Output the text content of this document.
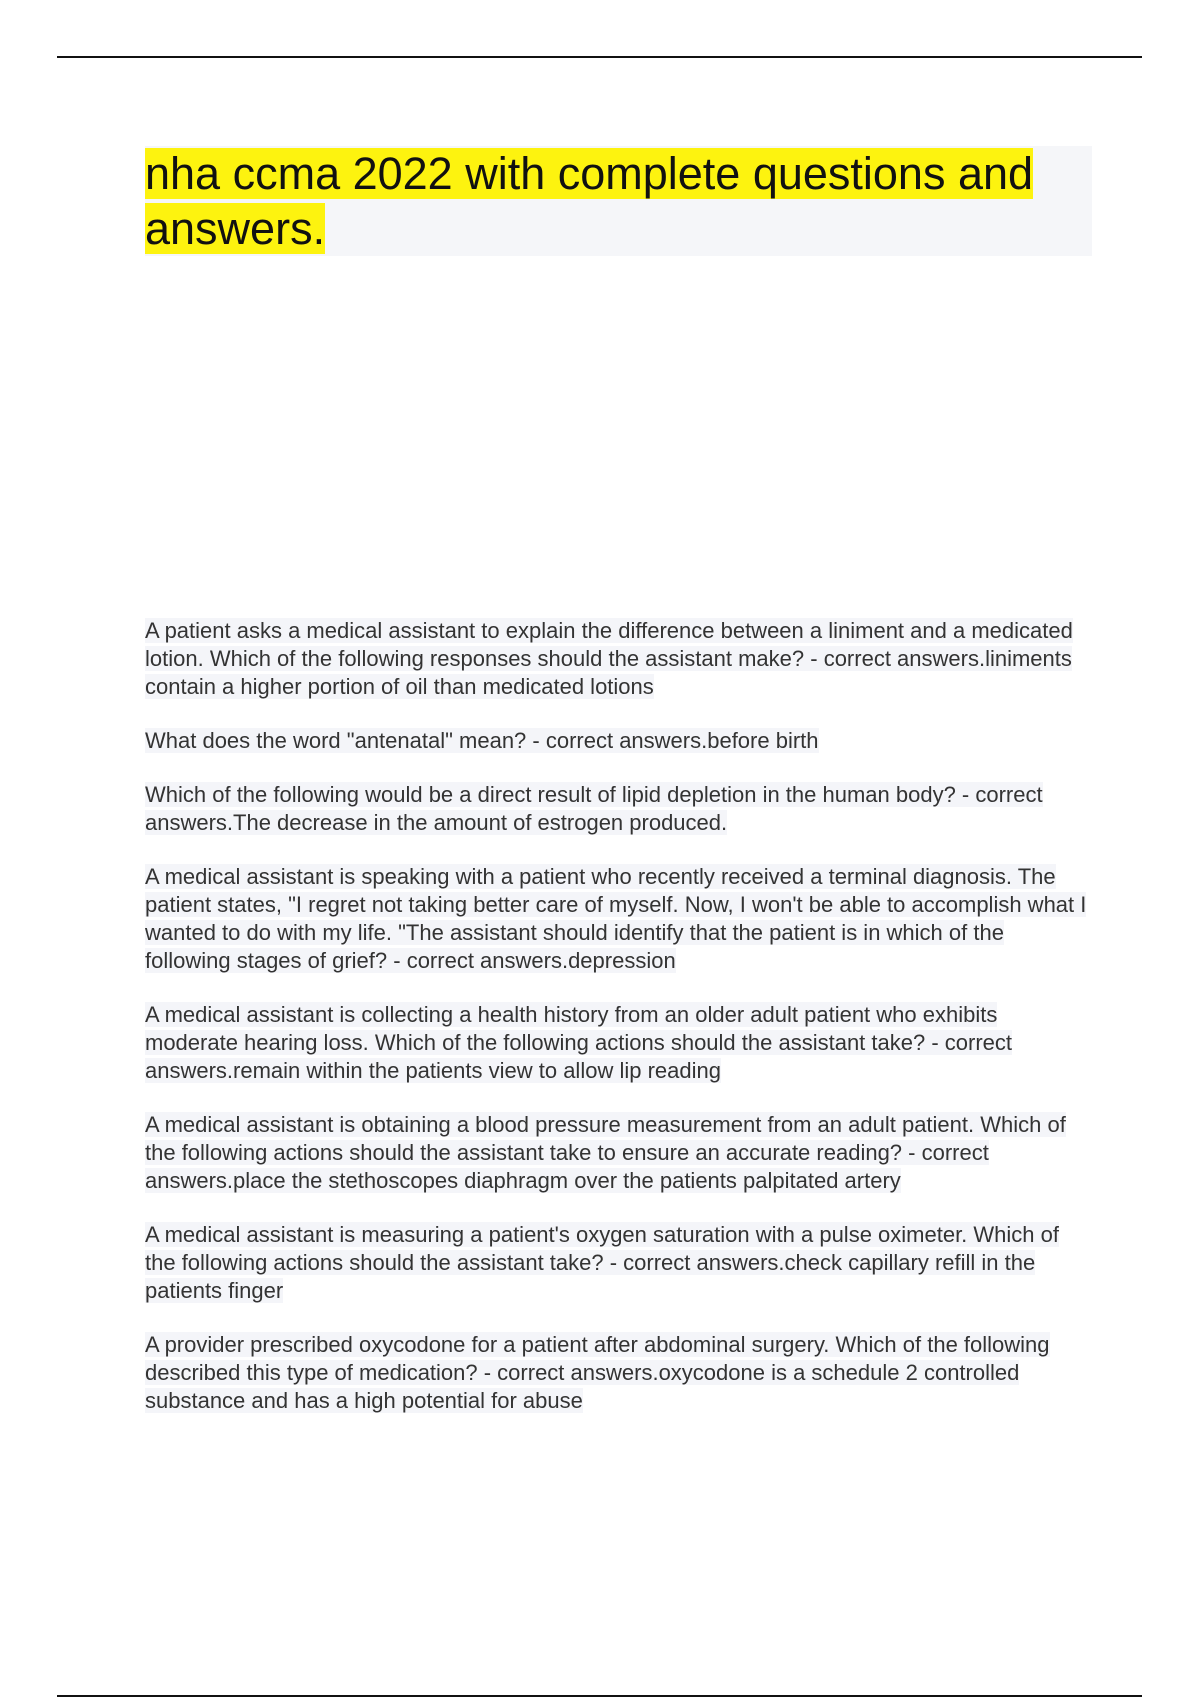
nha ccma 2022 with complete questions and answers.

A patient asks a medical assistant to explain the difference between a liniment and a medicated lotion. Which of the following responses should the assistant make? - correct answers.liniments contain a higher portion of oil than medicated lotions

What does the word "antenatal" mean? - correct answers.before birth

Which of the following would be a direct result of lipid depletion in the human body? - correct answers.The decrease in the amount of estrogen produced.

A medical assistant is speaking with a patient who recently received a terminal diagnosis. The patient states, "I regret not taking better care of myself. Now, I won't be able to accomplish what I wanted to do with my life. "The assistant should identify that the patient is in which of the following stages of grief? - correct answers.depression

A medical assistant is collecting a health history from an older adult patient who exhibits moderate hearing loss. Which of the following actions should the assistant take? - correct answers.remain within the patients view to allow lip reading

A medical assistant is obtaining a blood pressure measurement from an adult patient. Which of the following actions should the assistant take to ensure an accurate reading? - correct answers.place the stethoscopes diaphragm over the patients palpitated artery

A medical assistant is measuring a patient's oxygen saturation with a pulse oximeter. Which of the following actions should the assistant take? - correct answers.check capillary refill in the patients finger

A provider prescribed oxycodone for a patient after abdominal surgery. Which of the following described this type of medication? - correct answers.oxycodone is a schedule 2 controlled substance and has a high potential for abuse
